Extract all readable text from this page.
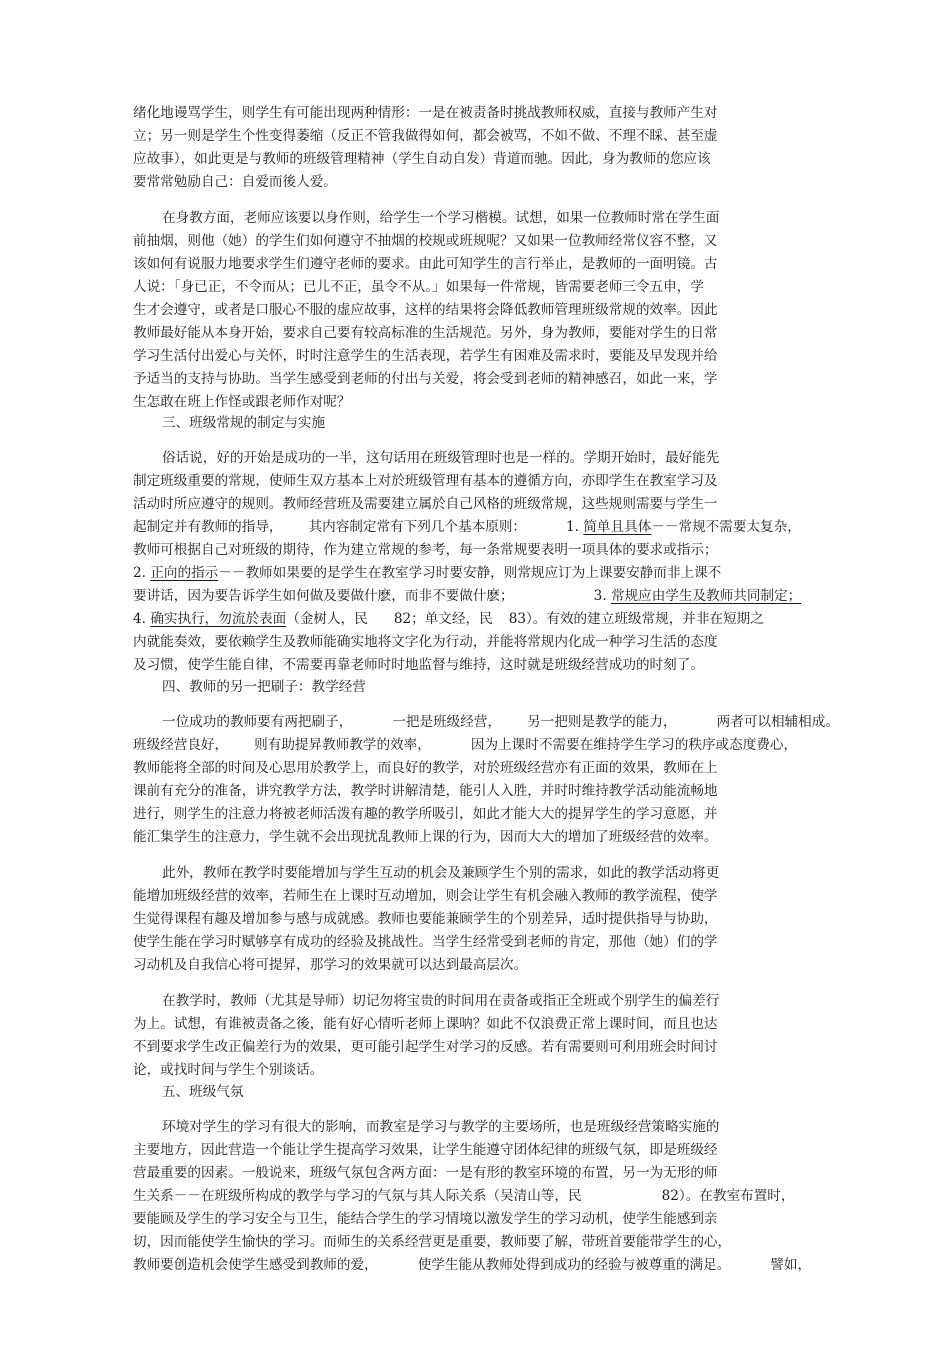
绪化地谩骂学生，则学生有可能出现两种情形：一是在被责备时挑战教师权威，直接与教师产生对
立；另一则是学生个性变得萎缩（反正不管我做得如何，都会被骂，不如不做、不理不睬、甚至虚
应故事），如此更是与教师的班级管理精神（学生自动自发）背道而驰。因此，身为教师的您应该
要常常勉励自己：自爱而後人爱。
在身教方面，老师应该要以身作则，给学生一个学习楷模。试想，如果一位教师时常在学生面
前抽烟，则他（她）的学生们如何遵守不抽烟的校规或班规呢？又如果一位教师经常仪容不整，又
该如何有说服力地要求学生们遵守老师的要求。由此可知学生的言行举止，是教师的一面明镜。古
人说：「身已正，不令而从；已儿不正，虽令不从。」如果每一件常规，皆需要老师三令五申，学
生才会遵守，或者是口服心不服的虚应故事，这样的结果将会降低教师管理班级常规的效率。因此
教师最好能从本身开始，要求自己要有较高标准的生活规范。另外，身为教师，要能对学生的日常
学习生活付出爱心与关怀，时时注意学生的生活表现，若学生有困难及需求时，要能及早发现并给
予适当的支持与协助。当学生感受到老师的付出与关爱，将会受到老师的精神感召，如此一来，学
生怎敢在班上作怪或跟老师作对呢？
三、班级常规的制定与实施
俗话说，好的开始是成功的一半，这句话用在班级管理时也是一样的。学期开始时，最好能先
制定班级重要的常规，使师生双方基本上对於班级管理有基本的遵循方向，亦即学生在教室学习及
活动时所应遵守的规则。教师经营班及需要建立属於自己风格的班级常规，这些规则需要与学生一
起制定并有教师的指导， 其内容制定常有下列几个基本原则：	1. 简单且具体－－常规不需要太复杂，
教师可根据自己对班级的期待，作为建立常规的参考，每一条常规要表明一项具体的要求或指示；
2. 正向的指示－－教师如果要的是学生在教室学习时要安静，则常规应订为上课要安静而非上课不
要讲话，因为要告诉学生如何做及要做什麽，而非不要做什麽；	3. 常规应由学生及教师共同制定；
4. 确实执行，勿流於表面（金树人，民 82；单文经，民 83）。有效的建立班级常规，并非在短期之
内就能奏效，要依赖学生及教师能确实地将文字化为行动，并能将常规内化成一种学习生活的态度
及习惯，使学生能自律，不需要再靠老师时时地监督与维持，这时就是班级经营成功的时刻了。
四、教师的另一把刷子：教学经营
一位成功的教师要有两把刷子，	一把是班级经营， 另一把则是教学的能力，	两者可以相辅相成。
班级经营良好， 则有助提昇教师教学的效率，	因为上课时不需要在维持学生学习的秩序或态度费心，
教师能将全部的时间及心思用於教学上，而良好的教学，对於班级经营亦有正面的效果，教师在上
课前有充分的准备，讲究教学方法，教学时讲解清楚，能引人入胜，并时时维持教学活动能流畅地
进行，则学生的注意力将被老师活泼有趣的教学所吸引，如此才能大大的提昇学生的学习意愿，并
能汇集学生的注意力，学生就不会出现扰乱教师上课的行为，因而大大的增加了班级经营的效率。
此外，教师在教学时要能增加与学生互动的机会及兼顾学生个别的需求，如此的教学活动将更
能增加班级经营的效率，若师生在上课时互动增加，则会让学生有机会融入教师的教学流程，使学
生觉得课程有趣及增加参与感与成就感。教师也要能兼顾学生的个别差异，适时提供指导与协助，
使学生能在学习时赋够享有成功的经验及挑战性。当学生经常受到老师的肯定，那他（她）们的学
习动机及自我信心将可提昇，那学习的效果就可以达到最高层次。
在教学时，教师（尤其是导师）切记勿将宝贵的时间用在责备或指正全班或个别学生的偏差行
为上。试想，有谁被责备之後，能有好心情听老师上课呐？如此不仅浪费正常上课时间，而且也达
不到要求学生改正偏差行为的效果，更可能引起学生对学习的反感。若有需要则可利用班会时间讨
论，或找时间与学生个别谈话。
五、班级气氛
环境对学生的学习有很大的影响，而教室是学习与教学的主要场所，也是班级经营策略实施的
主要地方，因此营造一个能让学生提高学习效果，让学生能遵守团体纪律的班级气氛，即是班级经
营最重要的因素。一般说来，班级气氛包含两方面：一是有形的教室环境的布置，另一为无形的师
生关系－－在班级所构成的教学与学习的气氛与其人际关系（吴清山等，民	82）。在教室布置时，
要能顾及学生的学习安全与卫生，能结合学生的学习情境以激发学生的学习动机，使学生能感到亲
切，因而能使学生愉快的学习。而师生的关系经营更是重要，教师要了解，带班首要能带学生的心，
教师要创造机会使学生感受到教师的爱，	使学生能从教师处得到成功的经验与被尊重的满足。	譬如，
